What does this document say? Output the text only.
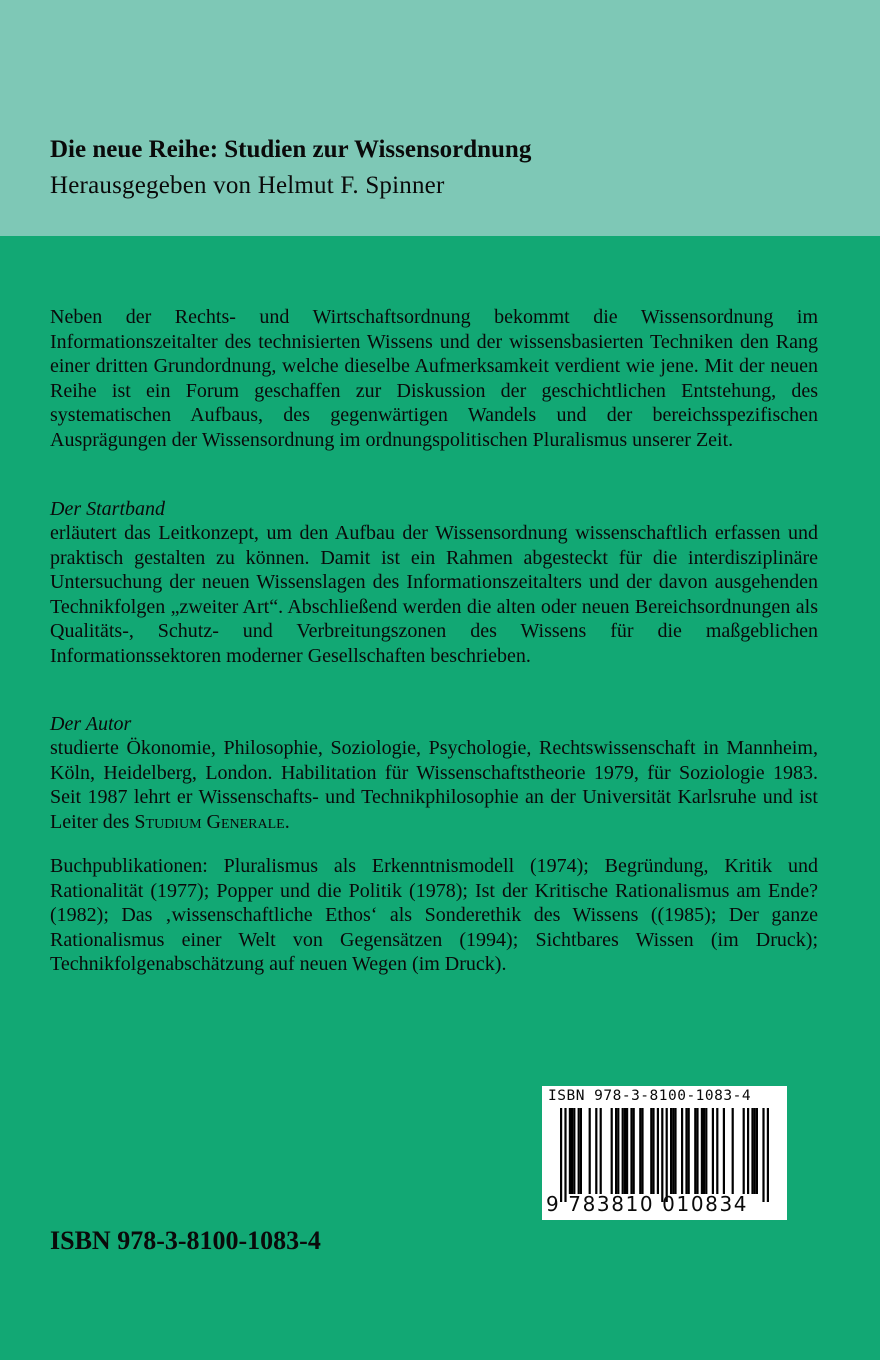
Die neue Reihe: Studien zur Wissensordnung
Herausgegeben von Helmut F. Spinner

Neben der Rechts- und Wirtschaftsordnung bekommt die Wissensordnung im Informationszeitalter des technisierten Wissens und der wissensbasierten Techniken den Rang einer dritten Grundordnung, welche dieselbe Aufmerksamkeit verdient wie jene. Mit der neuen Reihe ist ein Forum geschaffen zur Diskussion der geschichtlichen Entstehung, des systematischen Aufbaus, des gegenwärtigen Wandels und der bereichsspezifischen Ausprägungen der Wissensordnung im ordnungspolitischen Pluralismus unserer Zeit.

Der Startband

erläutert das Leitkonzept, um den Aufbau der Wissensordnung wissenschaftlich erfassen und praktisch gestalten zu können. Damit ist ein Rahmen abgesteckt für die interdisziplinäre Untersuchung der neuen Wissenslagen des Informationszeitalters und der davon ausgehenden Technikfolgen „zweiter Art“. Abschließend werden die alten oder neuen Bereichsordnungen als Qualitäts-, Schutz- und Verbreitungszonen des Wissens für die maßgeblichen Informationssektoren moderner Gesellschaften beschrieben.

Der Autor

studierte Ökonomie, Philosophie, Soziologie, Psychologie, Rechtswissenschaft in Mannheim, Köln, Heidelberg, London. Habilitation für Wissenschaftstheorie 1979, für Soziologie 1983. Seit 1987 lehrt er Wissenschafts- und Technikphilosophie an der Universität Karlsruhe und ist Leiter des Studium Generale.

Buchpublikationen: Pluralismus als Erkenntnismodell (1974); Begründung, Kritik und Rationalität (1977); Popper und die Politik (1978); Ist der Kritische Rationalismus am Ende? (1982); Das ‚wissenschaftliche Ethos‘ als Sonderethik des Wissens ((1985); Der ganze Rationalismus einer Welt von Gegensätzen (1994); Sichtbares Wissen (im Druck); Technikfolgenabschätzung auf neuen Wegen (im Druck).

ISBN 978-3-8100-1083-4
9 783810 010834
ISBN 978-3-8100-1083-4
